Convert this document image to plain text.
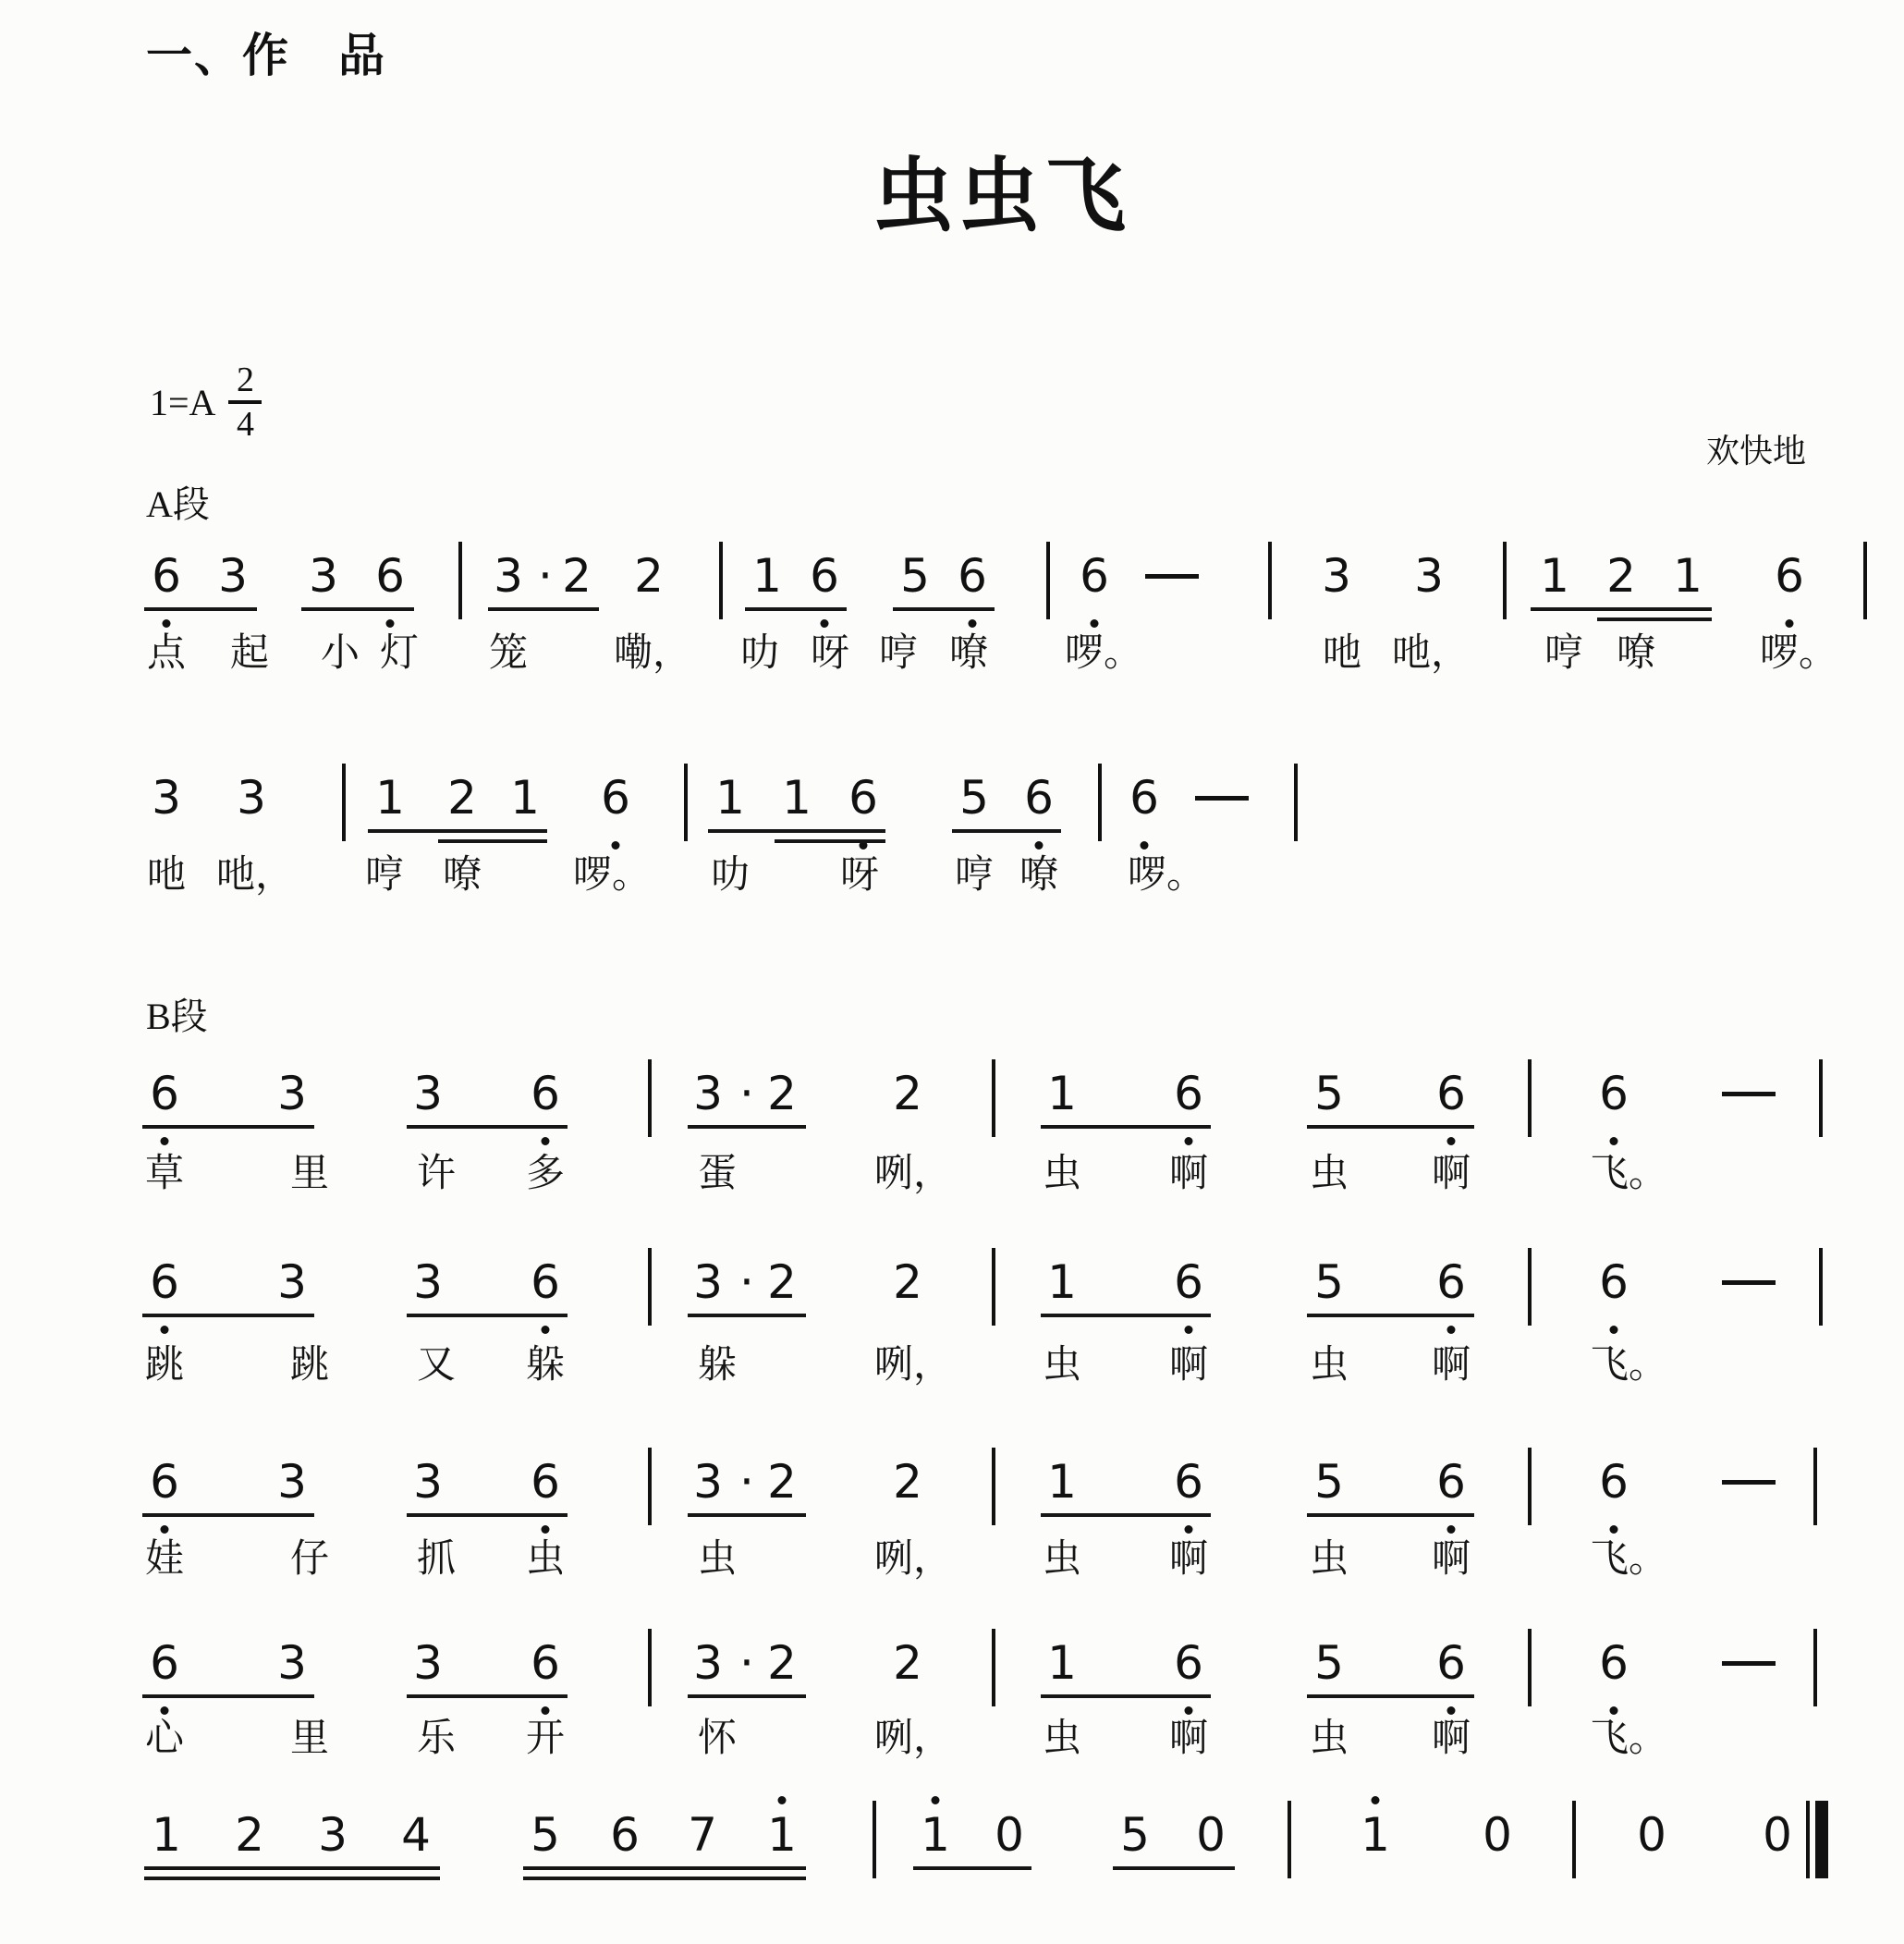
一、作　品
虫虫飞
$1=A \frac{2}{4}$
欢快地
A段
B段
6 3 3 6 3 · 2 2 1 6 5 6 6	3 3 1 2 1 6
点 起 小 灯 笼 嘞， 叻 呀 哼 嘹 啰。	吔 吔， 哼 嘹	啰。
3 3 1 2 1 6 1 1 6 5 6 6
吔 吔， 哼 嘹 啰。 叻 呀 哼 嘹 啰。
6 3 3 6	3 · 2 2	1 6 5 6	6
草	里 许 多	蛋	咧， 虫 啊	虫 啊	飞。
6 3 3 6	3 · 2 2	1 6 5 6	6
跳	跳 又 躲	躲	咧， 虫 啊	虫 啊	飞。
6 3 3 6	3 · 2 2	1 6 5 6	6
娃	仔 抓 虫	虫	咧， 虫 啊	虫 啊	飞。
6 3 3 6	3 · 2 2	1 6 5 6	6
心	里 乐 开	怀	咧， 虫 啊	虫 啊	飞。
1 2 3 4 5 6 7 1	1 0 5 0	1 0	0 0
